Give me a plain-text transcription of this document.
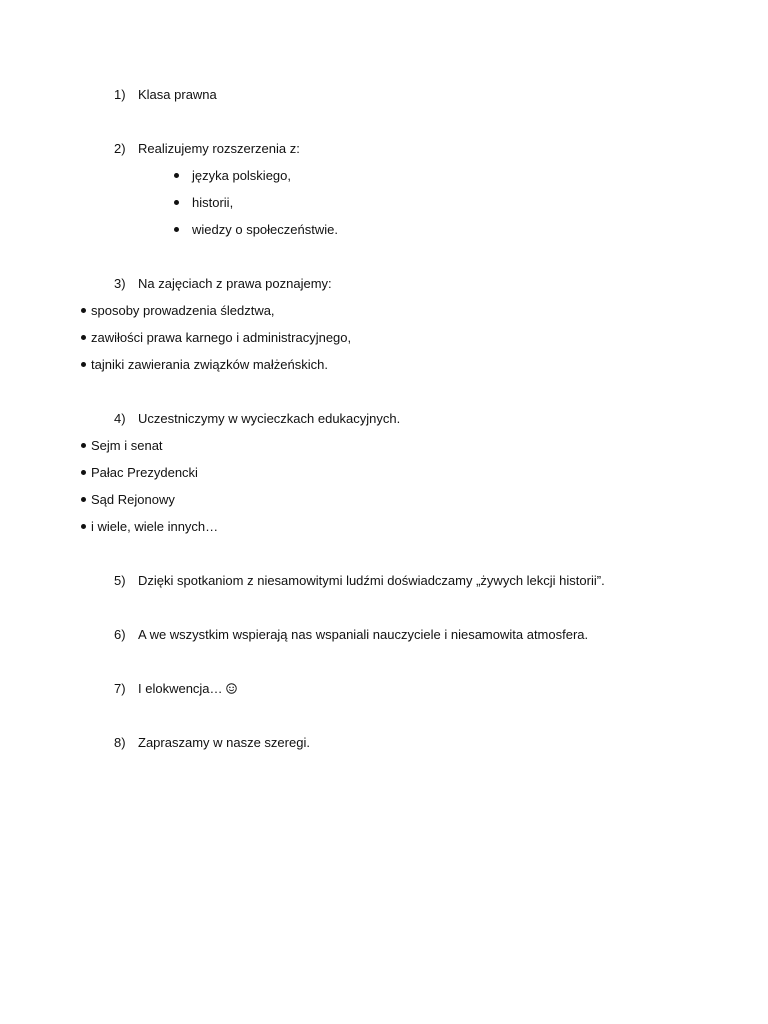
1) Klasa prawna
2) Realizujemy rozszerzenia z:
języka polskiego,
historii,
wiedzy o społeczeństwie.
3) Na zajęciach z prawa poznajemy:
sposoby prowadzenia śledztwa,
zawiłości prawa karnego i administracyjnego,
tajniki zawierania związków małżeńskich.
4) Uczestniczymy w wycieczkach edukacyjnych.
Sejm i senat
Pałac Prezydencki
Sąd Rejonowy
i wiele, wiele innych…
5) Dzięki spotkaniom z niesamowitymi ludźmi doświadczamy „żywych lekcji historii”.
6) A we wszystkim wspierają nas wspaniali nauczyciele i niesamowita atmosfera.
7) I elokwencja…
8) Zapraszamy w nasze szeregi.
